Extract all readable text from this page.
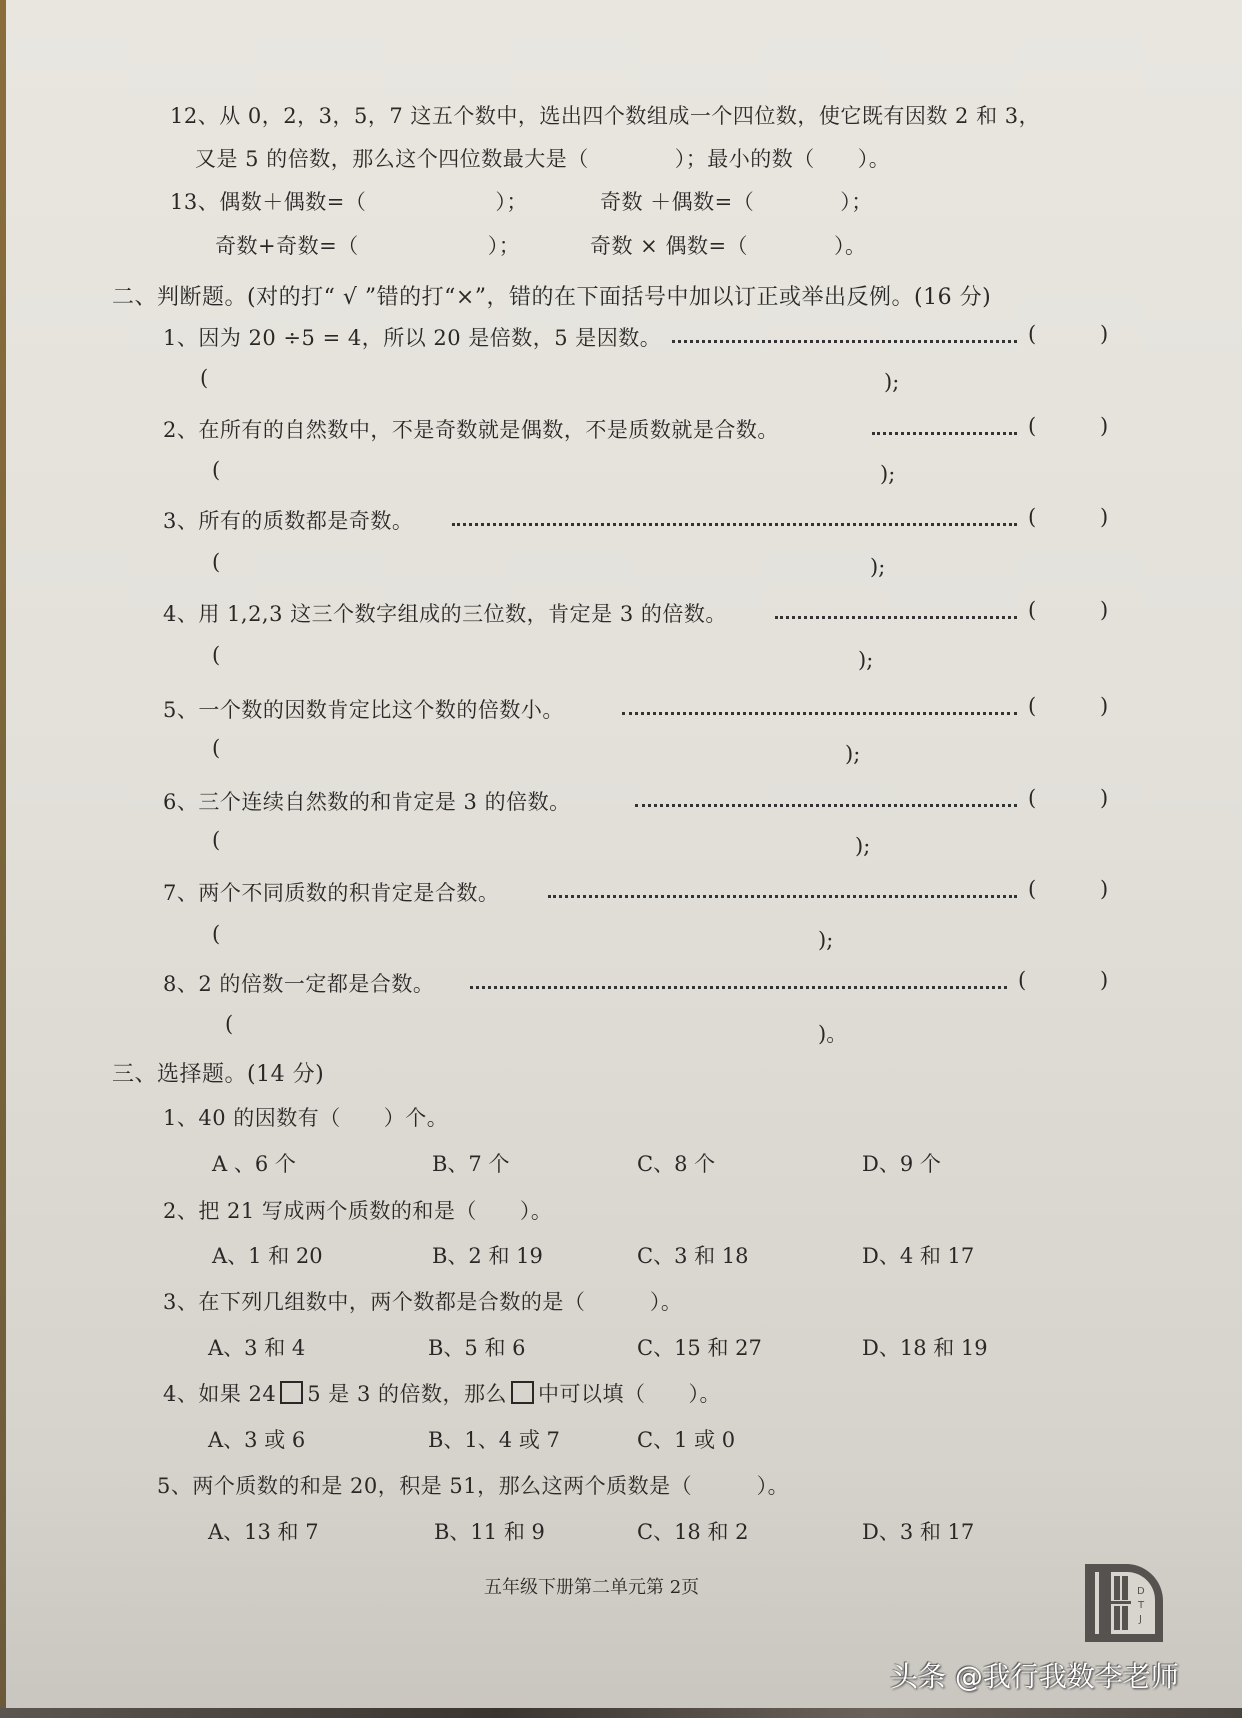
12、从 0，2，3，5，7 这五个数中，选出四个数组成一个四位数，使它既有因数 2 和 3，
又是 5 的倍数，那么这个四位数最大是（　　　　）；最小的数（　　）。
13、偶数＋偶数=（　　　　　　）；	奇数 ＋偶数=（　　　　）；
奇数+奇数=（　　　　　　）；	奇数 × 偶数=（　　　　）。
二、判断题。(对的打“ √ ”错的打“×”，错的在下面括号中加以订正或举出反例。(16 分)
1、因为 20 ÷5 = 4，所以 20 是倍数，5 是因数。	(	)
(	);
2、在所有的自然数中，不是奇数就是偶数，不是质数就是合数。	(	)
(	);
3、所有的质数都是奇数。	(	)
(	);
4、用 1,2,3 这三个数字组成的三位数，肯定是 3 的倍数。	(	)
(	);
5、一个数的因数肯定比这个数的倍数小。	(	)
(	);
6、三个连续自然数的和肯定是 3 的倍数。	(	)
(	);
7、两个不同质数的积肯定是合数。	(	)
(	);
8、2 的倍数一定都是合数。	(	)
(	)。
三、选择题。(14 分)
1、40 的因数有（　　）个。
A 、6 个	B、7 个	C、8 个	D、9 个
2、把 21 写成两个质数的和是（　　）。
A、1 和 20	B、2 和 19	C、3 和 18	D、4 和 17
3、在下列几组数中，两个数都是合数的是（　　　）。
A、3 和 4	B、5 和 6	C、15 和 27	D、18 和 19
4、如果 24 5 是 3 的倍数，那么 中可以填（　　）。
A、3 或 6	B、1、4 或 7	C、1 或 0
5、两个质数的和是 20，积是 51，那么这两个质数是（　　　）。
A、13 和 7	B、11 和 9	C、18 和 2	D、3 和 17
五年级下册第二单元第 2页	D
T
J
头条 @我行我数李老师
